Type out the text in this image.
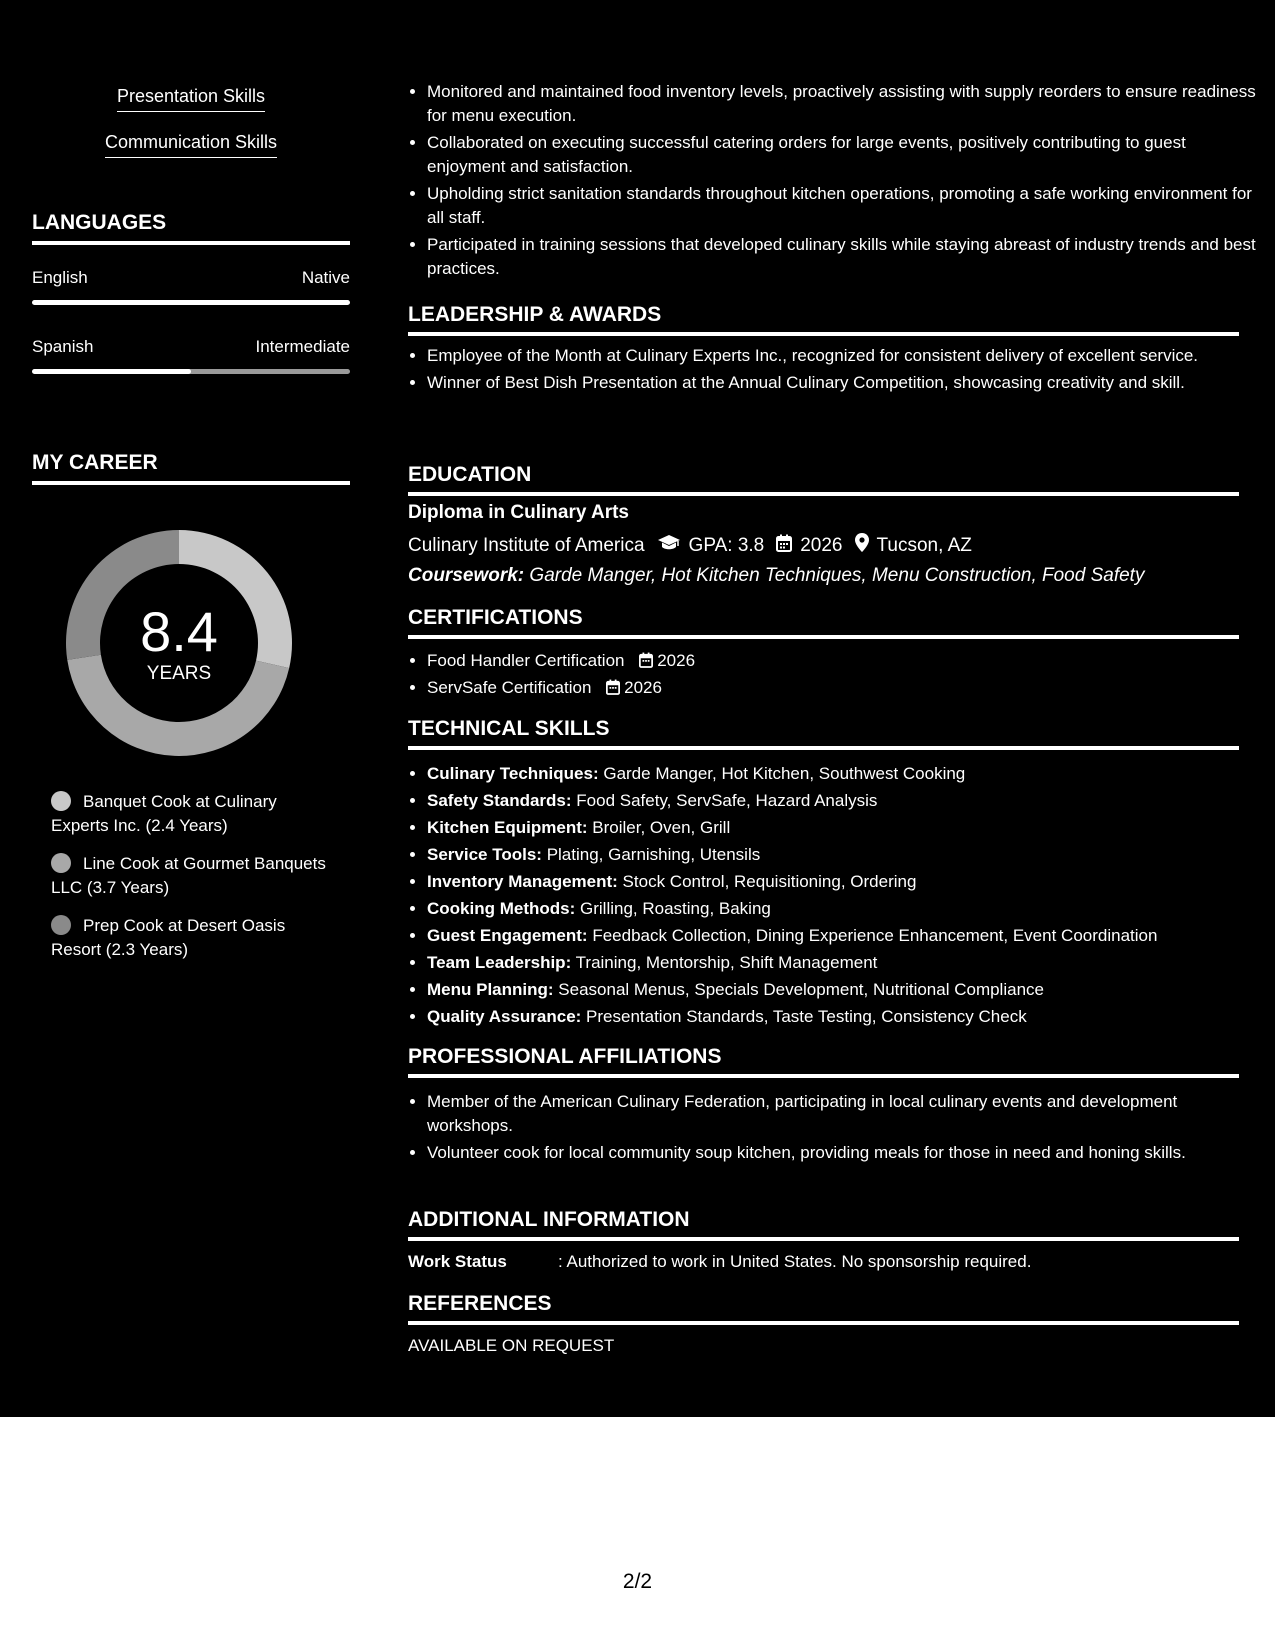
Presentation Skills
Communication Skills
LANGUAGES
English	Native
Spanish	Intermediate
MY CAREER
8.4
YEARS
Banquet Cook at Culinary Experts Inc. (2.4 Years)
Line Cook at Gourmet Banquets LLC (3.7 Years)
Prep Cook at Desert Oasis Resort (2.3 Years)
• Monitored and maintained food inventory levels, proactively assisting with supply reorders to ensure readiness for menu execution.
• Collaborated on executing successful catering orders for large events, positively contributing to guest enjoyment and satisfaction.
• Upholding strict sanitation standards throughout kitchen operations, promoting a safe working environment for all staff.
• Participated in training sessions that developed culinary skills while staying abreast of industry trends and best practices.
LEADERSHIP & AWARDS
• Employee of the Month at Culinary Experts Inc., recognized for consistent delivery of excellent service.
• Winner of Best Dish Presentation at the Annual Culinary Competition, showcasing creativity and skill.
EDUCATION
Diploma in Culinary Arts
Culinary Institute of America GPA: 3.8 2026 Tucson, AZ
Coursework: Garde Manger, Hot Kitchen Techniques, Menu Construction, Food Safety
CERTIFICATIONS
• Food Handler Certification 2026
• ServSafe Certification 2026
TECHNICAL SKILLS
• Culinary Techniques: Garde Manger, Hot Kitchen, Southwest Cooking
• Safety Standards: Food Safety, ServSafe, Hazard Analysis
• Kitchen Equipment: Broiler, Oven, Grill
• Service Tools: Plating, Garnishing, Utensils
• Inventory Management: Stock Control, Requisitioning, Ordering
• Cooking Methods: Grilling, Roasting, Baking
• Guest Engagement: Feedback Collection, Dining Experience Enhancement, Event Coordination
• Team Leadership: Training, Mentorship, Shift Management
• Menu Planning: Seasonal Menus, Specials Development, Nutritional Compliance
• Quality Assurance: Presentation Standards, Taste Testing, Consistency Check
PROFESSIONAL AFFILIATIONS
• Member of the American Culinary Federation, participating in local culinary events and development workshops.
• Volunteer cook for local community soup kitchen, providing meals for those in need and honing skills.
ADDITIONAL INFORMATION
Work Status	: Authorized to work in United States. No sponsorship required.
REFERENCES
AVAILABLE ON REQUEST
2/2
